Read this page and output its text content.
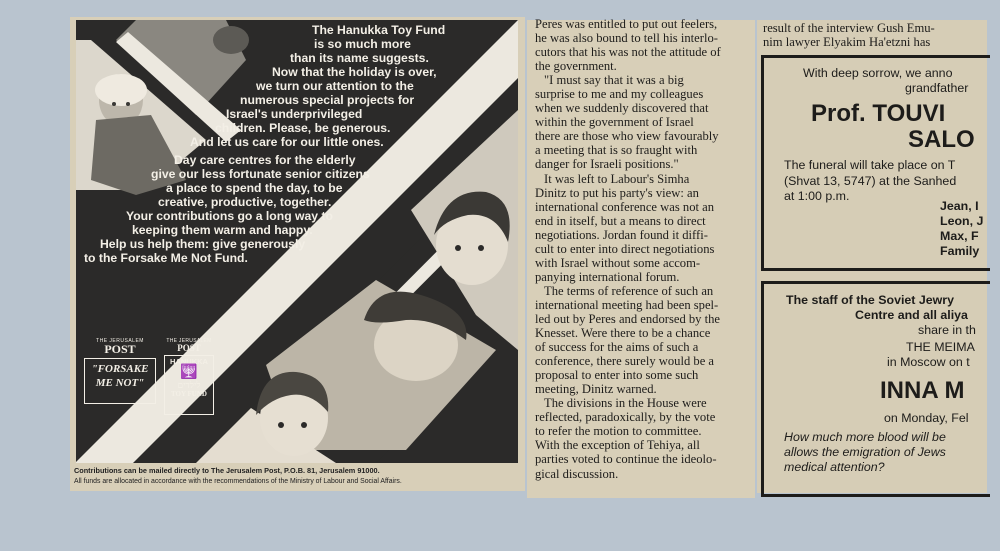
The Hanukka Toy Fund
is so much more
than its name suggests.
Now that the holiday is over,
we turn our attention to the
numerous special projects for
Israel's underprivileged
children. Please, be generous.
And let us care for our little ones.
Day care centres for the elderly
give our less fortunate senior citizens
a place to spend the day, to be
creative, productive, together.
Your contributions go a long way to
keeping them warm and happy.
Help us help them: give generously
to the Forsake Me Not Fund.
THE JERUSALEM
POST
"FORSAKE
ME NOT"
THE JERUSALEM
POST
HANUKKA
🕎
לילדים
TOY FUND
Contributions can be mailed directly to The Jerusalem Post, P.O.B. 81, Jerusalem 91000.
All funds are allocated in accordance with the recommendations of the Ministry of Labour and Social Affairs.

Peres was entitled to put out feelers,
he was also bound to tell his interlo-
cutors that his was not the attitude of
the government.

"I must say that it was a big
surprise to me and my colleagues
when we suddenly discovered that
within the government of Israel
there are those who view favourably
a meeting that is so fraught with
danger for Israeli positions."

It was left to Labour's Simha
Dinitz to put his party's view: an
international conference was not an
end in itself, but a means to direct
negotiations. Jordan found it diffi-
cult to enter into direct negotiations
with Israel without some accom-
panying international forum.

The terms of reference of such an
international meeting had been spel-
led out by Peres and endorsed by the
Knesset. Were there to be a chance
of success for the aims of such a
conference, there surely would be a
proposal to enter into some such
meeting, Dinitz warned.

The divisions in the House were
reflected, paradoxically, by the vote
to refer the motion to committee.
With the exception of Tehiya, all
parties voted to continue the ideolo-
gical discussion.

result of the interview Gush Emu-
nim lawyer Elyakim Ha'etzni has
With deep sorrow, we anno
grandfather
Prof. TOUVI
SALO
The funeral will take place on T
(Shvat 13, 5747) at the Sanhed
at 1:00 p.m.
Jean, I
Leon, J
Max, F
Family
The staff of the Soviet Jewry
Centre and all aliya
share in th
THE MEIMA
in Moscow on t
INNA M
on Monday, Fel
How much more blood will be
allows the emigration of Jews
medical attention?
